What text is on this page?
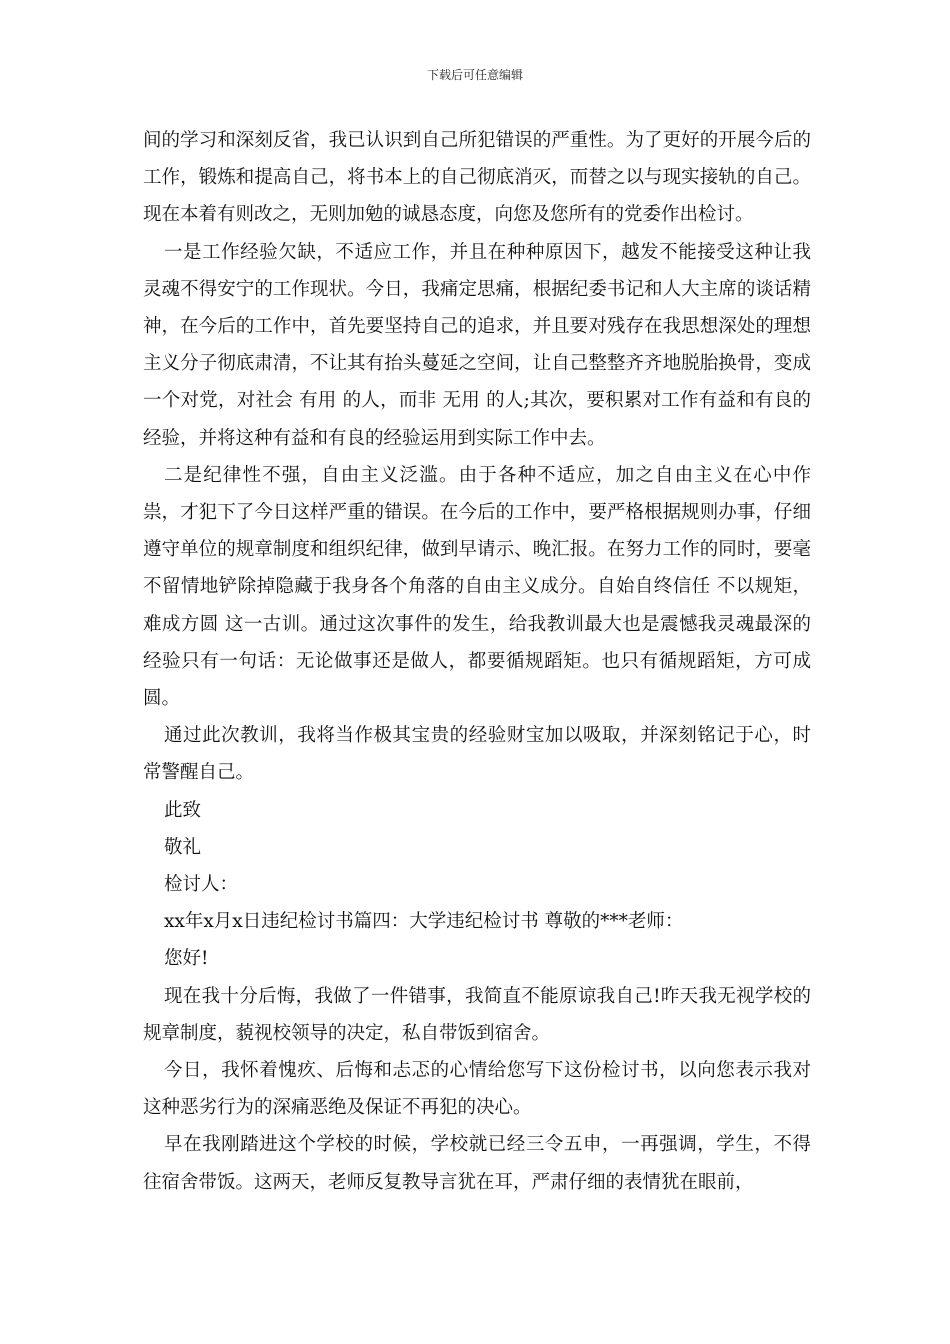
下载后可任意编辑

间的学习和深刻反省，我已认识到自己所犯错误的严重性。为了更好的开展今后的工作，锻炼和提高自己，将书本上的自己彻底消灭，而替之以与现实接轨的自己。现在本着有则改之，无则加勉的诚恳态度，向您及您所有的党委作出检讨。

一是工作经验欠缺，不适应工作，并且在种种原因下，越发不能接受这种让我灵魂不得安宁的工作现状。今日，我痛定思痛，根据纪委书记和人大主席的谈话精神，在今后的工作中，首先要坚持自己的追求，并且要对残存在我思想深处的理想主义分子彻底肃清，不让其有抬头蔓延之空间，让自己整整齐齐地脱胎换骨，变成一个对党，对社会 有用 的人，而非 无用 的人;其次，要积累对工作有益和有良的经验，并将这种有益和有良的经验运用到实际工作中去。

二是纪律性不强，自由主义泛滥。由于各种不适应，加之自由主义在心中作祟，才犯下了今日这样严重的错误。在今后的工作中，要严格根据规则办事，仔细遵守单位的规章制度和组织纪律，做到早请示、晚汇报。在努力工作的同时，要毫不留情地铲除掉隐藏于我身各个角落的自由主义成分。自始自终信任 不以规矩，难成方圆 这一古训。通过这次事件的发生，给我教训最大也是震憾我灵魂最深的经验只有一句话：无论做事还是做人，都要循规蹈矩。也只有循规蹈矩，方可成圆。

通过此次教训，我将当作极其宝贵的经验财宝加以吸取，并深刻铭记于心，时常警醒自己。

此致

敬礼

检讨人：

xx年x月x日违纪检讨书篇四：大学违纪检讨书 尊敬的***老师：

您好!

现在我十分后悔，我做了一件错事，我简直不能原谅我自己!昨天我无视学校的规章制度，藐视校领导的决定，私自带饭到宿舍。

今日，我怀着愧疚、后悔和忐忑的心情给您写下这份检讨书，以向您表示我对这种恶劣行为的深痛恶绝及保证不再犯的决心。

早在我刚踏进这个学校的时候，学校就已经三令五申，一再强调，学生，不得往宿舍带饭。这两天，老师反复教导言犹在耳，严肃仔细的表情犹在眼前，
